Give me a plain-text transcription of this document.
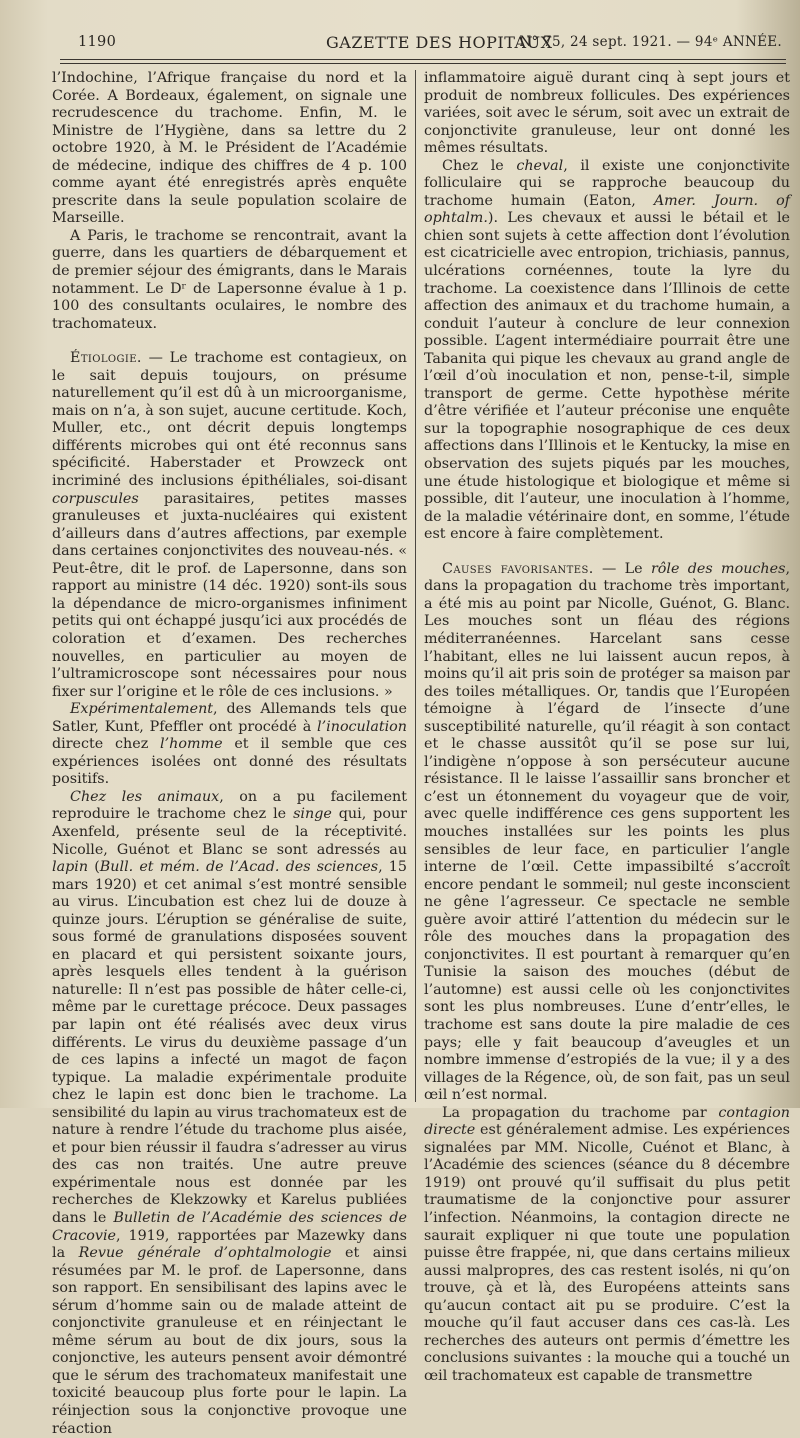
1190	GAZETTE DES HOPITAUX
N° 75, 24 sept. 1921. — 94ᵉ ANNÉE.

l’Indochine, l’Afrique française du nord et la Corée. A Bordeaux, également, on signale une recrudescence du trachome. Enfin, M. le Ministre de l’Hygiène, dans sa lettre du 2 octobre 1920, à M. le Président de l’Académie de médecine, indique des chiffres de 4 p. 100 comme ayant été enregistrés après enquête prescrite dans la seule population scolaire de Marseille.

A Paris, le trachome se rencontrait, avant la guerre, dans les quartiers de débarquement et de premier séjour des émigrants, dans le Marais notamment. Le Dʳ de Lapersonne évalue à 1 p. 100 des consultants oculaires, le nombre des trachomateux.

Étiologie. — Le trachome est contagieux, on le sait depuis toujours, on présume naturellement qu’il est dû à un microorganisme, mais on n’a, à son sujet, aucune certitude. Koch, Muller, etc., ont décrit depuis longtemps différents microbes qui ont été reconnus sans spécificité. Haberstader et Prowzeck ont incriminé des inclusions épithéliales, soi-disant corpuscules parasitaires, petites masses granuleuses et juxta-nucléaires qui existent d’ailleurs dans d’autres affections, par exemple dans certaines conjonctivites des nouveau-nés. « Peut-être, dit le prof. de Lapersonne, dans son rapport au ministre (14 déc. 1920) sont-ils sous la dépendance de micro-organismes infiniment petits qui ont échappé jusqu’ici aux procédés de coloration et d’examen. Des recherches nouvelles, en particulier au moyen de l’ultramicroscope sont nécessaires pour nous fixer sur l’origine et le rôle de ces inclusions. »

Expérimentalement, des Allemands tels que Satler, Kunt, Pfeffler ont procédé à l’inoculation directe chez l’homme et il semble que ces expériences isolées ont donné des résultats positifs.

Chez les animaux, on a pu facilement reproduire le trachome chez le singe qui, pour Axenfeld, présente seul de la réceptivité. Nicolle, Guénot et Blanc se sont adressés au lapin (Bull. et mém. de l’Acad. des sciences, 15 mars 1920) et cet animal s’est montré sensible au virus. L’incubation est chez lui de douze à quinze jours. L’éruption se généralise de suite, sous formé de granulations disposées souvent en placard et qui persistent soixante jours, après lesquels elles tendent à la guérison naturelle: Il n’est pas possible de hâter celle-ci, même par le curettage précoce. Deux passages par lapin ont été réalisés avec deux virus différents. Le virus du deuxième passage d’un de ces lapins a infecté un magot de façon typique. La maladie expérimentale produite chez le lapin est donc bien le trachome. La sensibilité du lapin au virus trachomateux est de nature à rendre l’étude du trachome plus aisée, et pour bien réussir il faudra s’adresser au virus des cas non traités. Une autre preuve expérimentale nous est donnée par les recherches de Klekzowky et Karelus publiées dans le Bulletin de l’Académie des sciences de Cracovie, 1919, rapportées par Mazewky dans la Revue générale d’ophtalmologie et ainsi résumées par M. le prof. de Lapersonne, dans son rapport. En sensibilisant des lapins avec le sérum d’homme sain ou de malade atteint de conjonctivite granuleuse et en réinjectant le même sérum au bout de dix jours, sous la conjonctive, les auteurs pensent avoir démontré que le sérum des trachomateux manifestait une toxicité beaucoup plus forte pour le lapin. La réinjection sous la conjonctive provoque une réaction

inflammatoire aiguë durant cinq à sept jours et produit de nombreux follicules. Des expériences variées, soit avec le sérum, soit avec un extrait de conjonctivite granuleuse, leur ont donné les mêmes résultats.

Chez le cheval, il existe une conjonctivite folliculaire qui se rapproche beaucoup du trachome humain (Eaton, Amer. Journ. of ophtalm.). Les chevaux et aussi le bétail et le chien sont sujets à cette affection dont l’évolution est cicatricielle avec entropion, trichiasis, pannus, ulcérations cornéennes, toute la lyre du trachome. La coexistence dans l’Illinois de cette affection des animaux et du trachome humain, a conduit l’auteur à conclure de leur connexion possible. L’agent intermédiaire pourrait être une Tabanita qui pique les chevaux au grand angle de l’œil d’où inoculation et non, pense-t-il, simple transport de germe. Cette hypothèse mérite d’être vérifiée et l’auteur préconise une enquête sur la topographie nosographique de ces deux affections dans l’Illinois et le Kentucky, la mise en observation des sujets piqués par les mouches, une étude histologique et biologique et même si possible, dit l’auteur, une inoculation à l’homme, de la maladie vétérinaire dont, en somme, l’étude est encore à faire complètement.

Causes favorisantes. — Le rôle des mouches, dans la propagation du trachome très important, a été mis au point par Nicolle, Guénot, G. Blanc. Les mouches sont un fléau des régions méditerranéennes. Harcelant sans cesse l’habitant, elles ne lui laissent aucun repos, à moins qu’il ait pris soin de protéger sa maison par des toiles métalliques. Or, tandis que l’Européen témoigne à l’égard de l’insecte d’une susceptibilité naturelle, qu’il réagit à son contact et le chasse aussitôt qu’il se pose sur lui, l’indigène n’oppose à son persécuteur aucune résistance. Il le laisse l’assaillir sans broncher et c’est un étonnement du voyageur que de voir, avec quelle indifférence ces gens supportent les mouches installées sur les points les plus sensibles de leur face, en particulier l’angle interne de l’œil. Cette impassibilté s’accroît encore pendant le sommeil; nul geste inconscient ne gêne l’agresseur. Ce spectacle ne semble guère avoir attiré l’attention du médecin sur le rôle des mouches dans la propagation des conjonctivites. Il est pourtant à remarquer qu’en Tunisie la saison des mouches (début de l’automne) est aussi celle où les conjonctivites sont les plus nombreuses. L’une d’entr’elles, le trachome est sans doute la pire maladie de ces pays; elle y fait beaucoup d’aveugles et un nombre immense d’estropiés de la vue; il y a des villages de la Régence, où, de son fait, pas un seul œil n’est normal.

La propagation du trachome par contagion directe est généralement admise. Les expériences signalées par MM. Nicolle, Cuénot et Blanc, à l’Académie des sciences (séance du 8 décembre 1919) ont prouvé qu’il suffisait du plus petit traumatisme de la conjonctive pour assurer l’infection. Néanmoins, la contagion directe ne saurait expliquer ni que toute une population puisse être frappée, ni, que dans certains milieux aussi malpropres, des cas restent isolés, ni qu’on trouve, çà et là, des Européens atteints sans qu’aucun contact ait pu se produire. C’est la mouche qu’il faut accuser dans ces cas-là. Les recherches des auteurs ont permis d’émettre les conclusions suivantes : la mouche qui a touché un œil trachomateux est capable de transmettre
